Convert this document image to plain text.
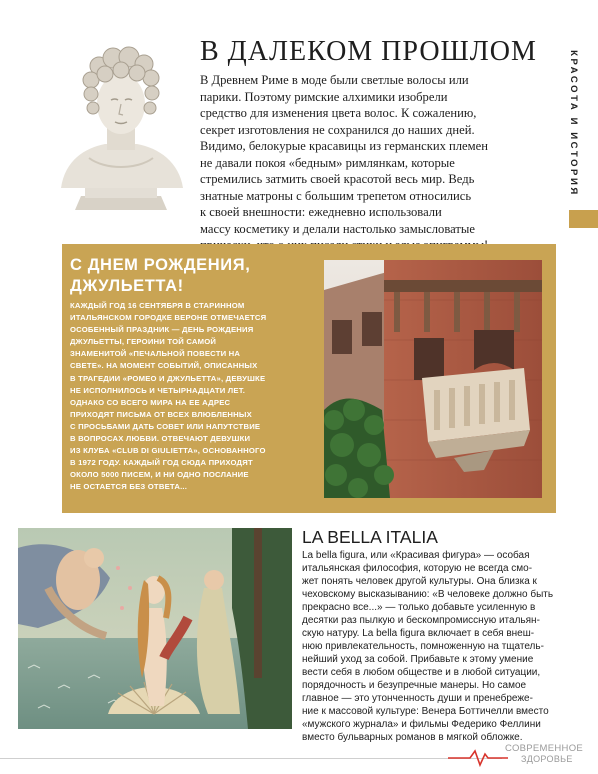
В ДАЛЕКОМ ПРОШЛОМ
В Древнем Риме в моде были светлые волосы или
парики. Поэтому римские алхимики изобрели
средство для изменения цвета волос. К сожалению,
секрет изготовления не сохранился до наших дней.
Видимо, белокурые красавицы из германских племен
не давали покоя «бедным» римлянкам, которые
стремились затмить своей красотой весь мир. Ведь
знатные матроны с большим трепетом относились
к своей внешности: ежедневно использовали
массу косметику и делали настолько замысловатые
КРАСОТА И ИСТОРИЯ
С ДНЕМ РОЖДЕНИЯ,
ДЖУЛЬЕТТА!
КАЖДЫЙ ГОД 16 СЕНТЯБРЯ В СТАРИННОМ
ИТАЛЬЯНСКОМ ГОРОДКЕ ВЕРОНЕ ОТМЕЧАЕТСЯ
ОСОБЕННЫЙ ПРАЗДНИК — ДЕНЬ РОЖДЕНИЯ
ДЖУЛЬЕТТЫ, ГЕРОИНИ ТОЙ САМОЙ
ЗНАМЕНИТОЙ «ПЕЧАЛЬНОЙ ПОВЕСТИ НА
СВЕТЕ». НА МОМЕНТ СОБЫТИЙ, ОПИСАННЫХ
В ТРАГЕДИИ «РОМЕО И ДЖУЛЬЕТТА», ДЕВУШКЕ
НЕ ИСПОЛНИЛОСЬ И ЧЕТЫРНАДЦАТИ ЛЕТ.
ОДНАКО СО ВСЕГО МИРА НА ЕЕ АДРЕС
ПРИХОДЯТ ПИСЬМА ОТ ВСЕХ ВЛЮБЛЕННЫХ
С ПРОСЬБАМИ ДАТЬ СОВЕТ ИЛИ НАПУТСТВИЕ
В ВОПРОСАХ ЛЮБВИ. ОТВЕЧАЮТ ДЕВУШКИ
ИЗ КЛУБА «CLUB DI GIULIETTA», ОСНОВАННОГО
В 1972 ГОДУ. КАЖДЫЙ ГОД СЮДА ПРИХОДЯТ
ОКОЛО 5000 ПИСЕМ, И НИ ОДНО ПОСЛАНИЕ
НЕ ОСТАЕТСЯ БЕЗ ОТВЕТА...
LA BELLA ITALIA
La bella figura, или «Красивая фигура» — особая
итальянская философия, которую не всегда смо-
жет понять человек другой культуры. Она близка к
чеховскому высказыванию: «В человеке должно быть
прекрасно все...» — только добавьте усиленную в
десятки раз пылкую и бескомпромиссную итальян-
скую натуру. La bella figura включает в себя внеш-
нюю привлекательность, помноженную на тщатель-
нейший уход за собой. Прибавьте к этому умение
вести себя в любом обществе и в любой ситуации,
порядочность и безупречные манеры. Но самое
главное — это утонченность души и пренебреже-
ние к массовой культуре: Венера Боттичелли вместо
«мужского журнала» и фильмы Федерико Феллини
вместо бульварных романов в мягкой обложке.
СОВРЕМЕННОЕ
ЗДОРОВЬЕ
